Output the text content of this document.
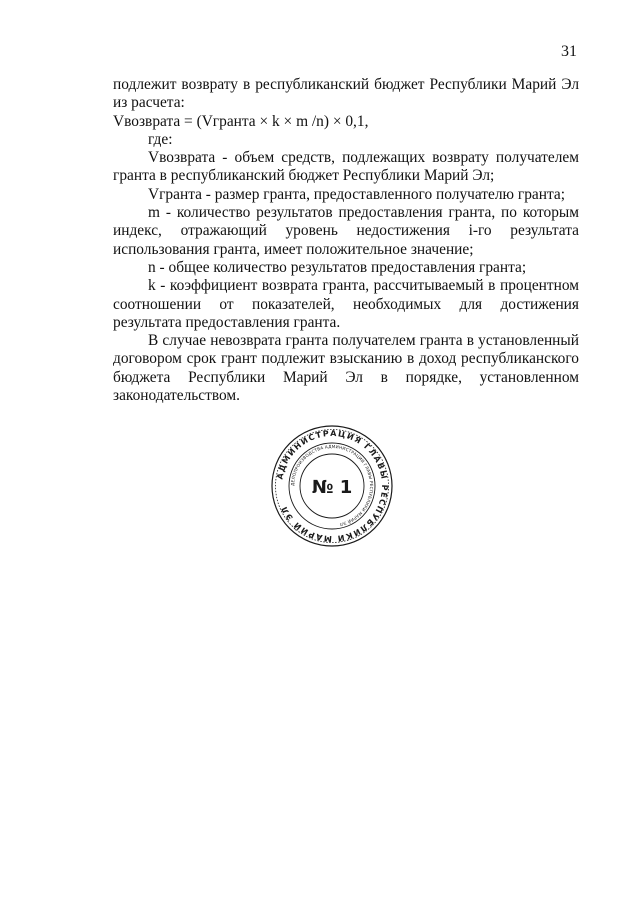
31

подлежит возврату в республиканский бюджет Республики Марий Эл из расчета:

Vвозврата = (Vгранта × k × m /n) × 0,1,

где:

Vвозврата - объем средств, подлежащих возврату получателем гранта в республиканский бюджет Республики Марий Эл;

Vгранта - размер гранта, предоставленного получателю гранта;

m - количество результатов предоставления гранта, по которым индекс, отражающий уровень недостижения i-го результата использования гранта, имеет положительное значение;

n - общее количество результатов предоставления гранта;

k - коэффициент возврата гранта, рассчитываемый в процентном соотношении от показателей, необходимых для достижения результата предоставления гранта.

В случае невозврата гранта получателем гранта в установленный договором срок грант подлежит взысканию в доход республиканского бюджета Республики Марий Эл в порядке, установленном законодательством.

АДМИНИСТРАЦИЯ ГЛАВЫ РЕСПУБЛИКИ МАРИЙ ЭЛ
ДЕЛОПРОИЗВОДСТВА АДМИНИСТРАЦИИ ГЛАВЫ РЕСПУБЛИКИ МАРИЙ ЭЛ
№ 1
